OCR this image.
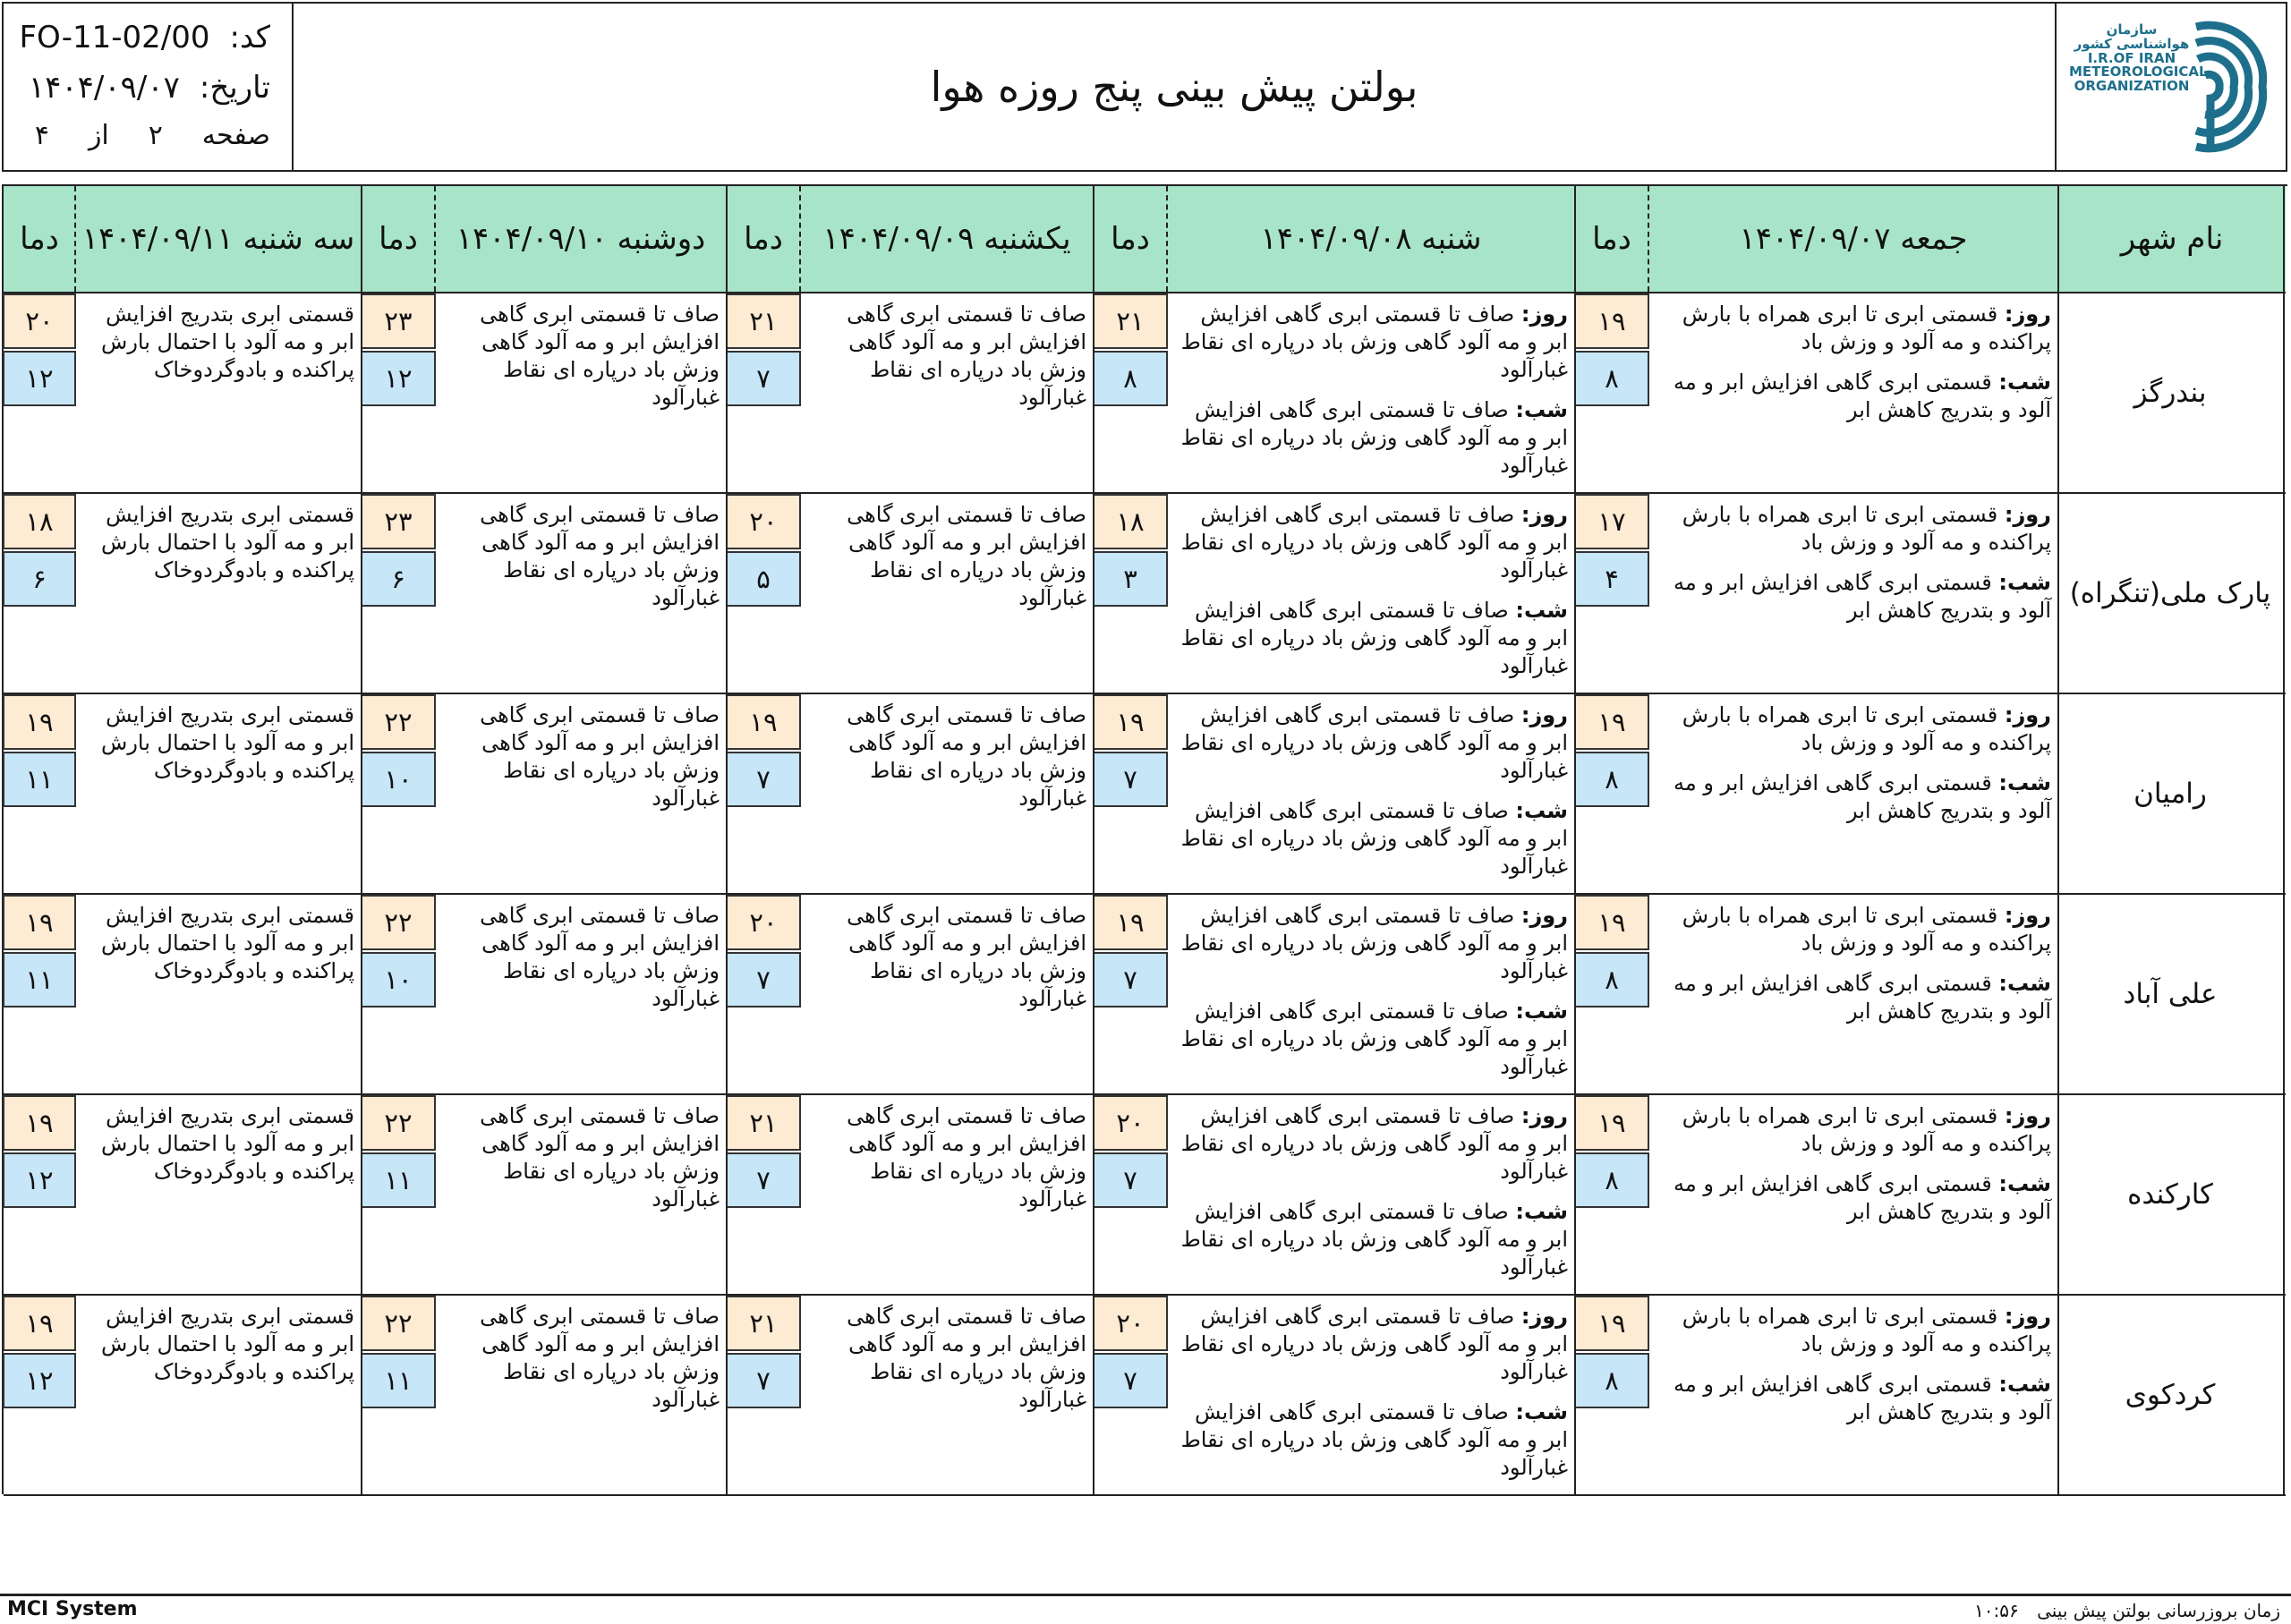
کد:FO-11-02/00
تاریخ:۱۴۰۴/۰۹/۰۷
صفحه۲از۴
بولتن پیش بینی پنج روزه هوا
سازمان هواشناسی کشور
I.R.OF IRAN
METEOROLOGICAL
ORGANIZATION
نام شهر
جمعه ۱۴۰۴/۰۹/۰۷
دما
شنبه ۱۴۰۴/۰۹/۰۸
دما
یکشنبه ۱۴۰۴/۰۹/۰۹
دما
دوشنبه ۱۴۰۴/۰۹/۱۰
دما
سه شنبه ۱۴۰۴/۰۹/۱۱
دما
بندرگز

روز: قسمتی ابری تا ابری همراه با بارش پراکنده و مه آلود و وزش باد

شب: قسمتی ابری گاهی افزایش ابر و مه آلود و بتدریج کاهش ابر

۱۹
۸

روز: صاف تا قسمتی ابری گاهی افزایش ابر و مه آلود گاهی وزش باد درپاره ای نقاط غبارآلود

شب: صاف تا قسمتی ابری گاهی افزایش ابر و مه آلود گاهی وزش باد درپاره ای نقاط غبارآلود

۲۱
۸
صاف تا قسمتی ابری گاهی افزایش ابر و مه آلود گاهی وزش باد درپاره ای نقاط غبارآلود
۲۱
۷
صاف تا قسمتی ابری گاهی افزایش ابر و مه آلود گاهی وزش باد درپاره ای نقاط غبارآلود
۲۳
۱۲
قسمتی ابری بتدریج افزایش ابر و مه آلود با احتمال بارش پراکنده و بادوگردوخاک
۲۰
۱۲
پارک ملی(تنگراه)

روز: قسمتی ابری تا ابری همراه با بارش پراکنده و مه آلود و وزش باد

شب: قسمتی ابری گاهی افزایش ابر و مه آلود و بتدریج کاهش ابر

۱۷
۴

روز: صاف تا قسمتی ابری گاهی افزایش ابر و مه آلود گاهی وزش باد درپاره ای نقاط غبارآلود

شب: صاف تا قسمتی ابری گاهی افزایش ابر و مه آلود گاهی وزش باد درپاره ای نقاط غبارآلود

۱۸
۳
صاف تا قسمتی ابری گاهی افزایش ابر و مه آلود گاهی وزش باد درپاره ای نقاط غبارآلود
۲۰
۵
صاف تا قسمتی ابری گاهی افزایش ابر و مه آلود گاهی وزش باد درپاره ای نقاط غبارآلود
۲۳
۶
قسمتی ابری بتدریج افزایش ابر و مه آلود با احتمال بارش پراکنده و بادوگردوخاک
۱۸
۶
رامیان

روز: قسمتی ابری تا ابری همراه با بارش پراکنده و مه آلود و وزش باد

شب: قسمتی ابری گاهی افزایش ابر و مه آلود و بتدریج کاهش ابر

۱۹
۸

روز: صاف تا قسمتی ابری گاهی افزایش ابر و مه آلود گاهی وزش باد درپاره ای نقاط غبارآلود

شب: صاف تا قسمتی ابری گاهی افزایش ابر و مه آلود گاهی وزش باد درپاره ای نقاط غبارآلود

۱۹
۷
صاف تا قسمتی ابری گاهی افزایش ابر و مه آلود گاهی وزش باد درپاره ای نقاط غبارآلود
۱۹
۷
صاف تا قسمتی ابری گاهی افزایش ابر و مه آلود گاهی وزش باد درپاره ای نقاط غبارآلود
۲۲
۱۰
قسمتی ابری بتدریج افزایش ابر و مه آلود با احتمال بارش پراکنده و بادوگردوخاک
۱۹
۱۱
علی آباد

روز: قسمتی ابری تا ابری همراه با بارش پراکنده و مه آلود و وزش باد

شب: قسمتی ابری گاهی افزایش ابر و مه آلود و بتدریج کاهش ابر

۱۹
۸

روز: صاف تا قسمتی ابری گاهی افزایش ابر و مه آلود گاهی وزش باد درپاره ای نقاط غبارآلود

شب: صاف تا قسمتی ابری گاهی افزایش ابر و مه آلود گاهی وزش باد درپاره ای نقاط غبارآلود

۱۹
۷
صاف تا قسمتی ابری گاهی افزایش ابر و مه آلود گاهی وزش باد درپاره ای نقاط غبارآلود
۲۰
۷
صاف تا قسمتی ابری گاهی افزایش ابر و مه آلود گاهی وزش باد درپاره ای نقاط غبارآلود
۲۲
۱۰
قسمتی ابری بتدریج افزایش ابر و مه آلود با احتمال بارش پراکنده و بادوگردوخاک
۱۹
۱۱
کارکنده

روز: قسمتی ابری تا ابری همراه با بارش پراکنده و مه آلود و وزش باد

شب: قسمتی ابری گاهی افزایش ابر و مه آلود و بتدریج کاهش ابر

۱۹
۸

روز: صاف تا قسمتی ابری گاهی افزایش ابر و مه آلود گاهی وزش باد درپاره ای نقاط غبارآلود

شب: صاف تا قسمتی ابری گاهی افزایش ابر و مه آلود گاهی وزش باد درپاره ای نقاط غبارآلود

۲۰
۷
صاف تا قسمتی ابری گاهی افزایش ابر و مه آلود گاهی وزش باد درپاره ای نقاط غبارآلود
۲۱
۷
صاف تا قسمتی ابری گاهی افزایش ابر و مه آلود گاهی وزش باد درپاره ای نقاط غبارآلود
۲۲
۱۱
قسمتی ابری بتدریج افزایش ابر و مه آلود با احتمال بارش پراکنده و بادوگردوخاک
۱۹
۱۲
کردکوی

روز: قسمتی ابری تا ابری همراه با بارش پراکنده و مه آلود و وزش باد

شب: قسمتی ابری گاهی افزایش ابر و مه آلود و بتدریج کاهش ابر

۱۹
۸

روز: صاف تا قسمتی ابری گاهی افزایش ابر و مه آلود گاهی وزش باد درپاره ای نقاط غبارآلود

شب: صاف تا قسمتی ابری گاهی افزایش ابر و مه آلود گاهی وزش باد درپاره ای نقاط غبارآلود

۲۰
۷
صاف تا قسمتی ابری گاهی افزایش ابر و مه آلود گاهی وزش باد درپاره ای نقاط غبارآلود
۲۱
۷
صاف تا قسمتی ابری گاهی افزایش ابر و مه آلود گاهی وزش باد درپاره ای نقاط غبارآلود
۲۲
۱۱
قسمتی ابری بتدریج افزایش ابر و مه آلود با احتمال بارش پراکنده و بادوگردوخاک
۱۹
۱۲
MCI System	زمان بروزرسانی بولتن پیش بینی ۱۰:۵۶
